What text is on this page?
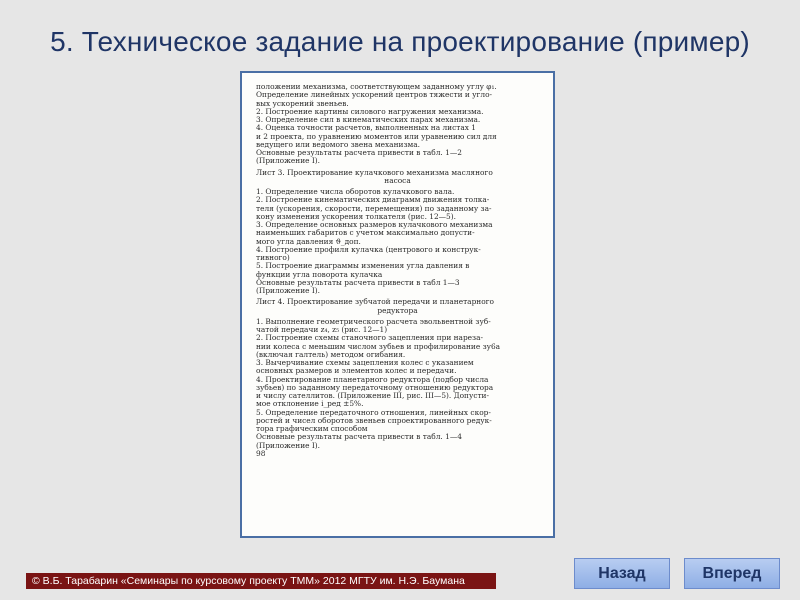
5. Техническое задание на проектирование (пример)
положении механизма, соответствующем заданному углу φ₁.
Определение линейных ускорений центров тяжести и угло-
вых ускорений звеньев.
2. Построение картины силового нагружения механизма.
3. Определение сил в кинематических парах механизма.
4. Оценка точности расчетов, выполненных на листах 1
и 2 проекта, по уравнению моментов или уравнению сил для
ведущего или ведомого звена механизма.
Основные результаты расчета привести в табл. 1—2
(Приложение I).
Лист 3. Проектирование кулачкового механизма масляного
насоса
1. Определение числа оборотов кулачкового вала.
2. Построение кинематических диаграмм движения толка-
теля (ускорения, скорости, перемещения) по заданному за-
кону изменения ускорения толкателя (рис. 12—5).
3. Определение основных размеров кулачкового механизма
наименьших габаритов с учетом максимально допусти-
мого угла давления ϑ_доп.
4. Построение профиля кулачка (центрового и конструк-
тивного)
5. Построение диаграммы изменения угла давления в
функции угла поворота кулачка
Основные результаты расчета привести в табл 1—3
(Приложение I).
Лист 4. Проектирование зубчатой передачи и планетарного
редуктора
1. Выполнение геометрического расчета эвольвентной зуб-
чатой передачи z₄, z₅ (рис. 12—1)
2. Построение схемы станочного зацепления при нареза-
нии колеса с меньшим числом зубьев и профилирование зу6а
(включая галтель) методом огибания.
3. Вычерчивание схемы зацепления колес с указанием
основных размеров и элементов колес и передачи.
4. Проектирование планетарного редуктора (подбор числа
зубьев) по заданному передаточному отношению редуктора
и числу сателлитов. (Приложение III, рис. III—5). Допусти-
мое отклонение i_ред ±5%.
5. Определение передаточного отношения, линейных скор-
ростей и чисел оборотов звеньев спроектированного редук-
тора графическим способом
Основные результаты расчета привести в табл. 1—4
(Приложение I).
98
© В.Б. Тарабарин «Семинары по курсовому проекту ТММ» 2012 МГТУ им. Н.Э. Баумана	Назад	Вперед
